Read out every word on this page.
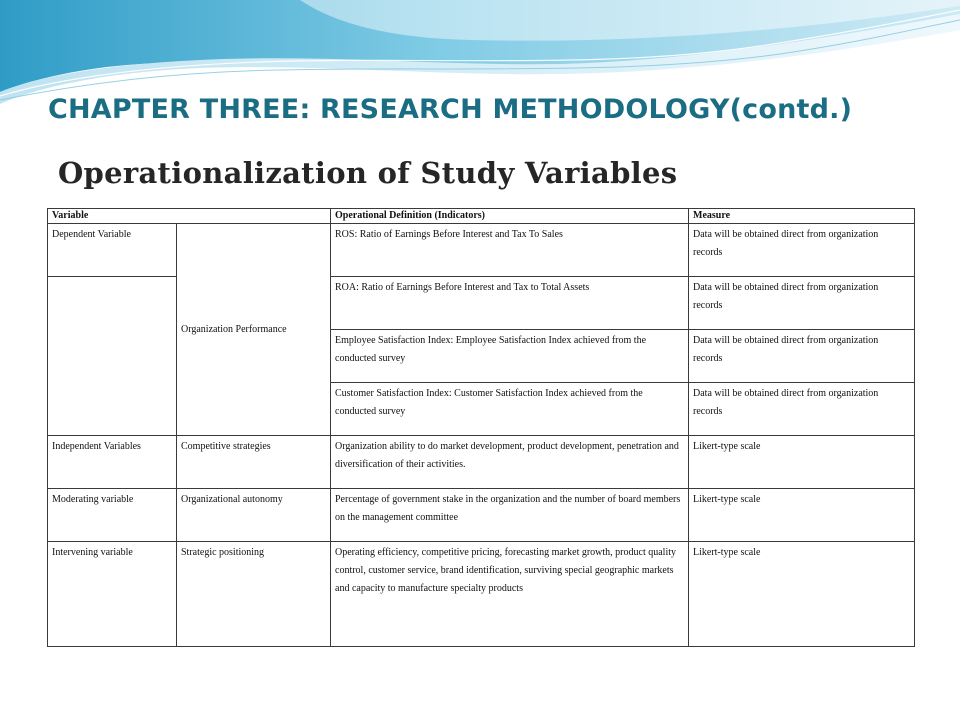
CHAPTER THREE: RESEARCH METHODOLOGY(contd.)
Operationalization of Study Variables
Variable		Operational Definition (Indicators)	Measure
Dependent Variable	Organization Performance	ROS: Ratio of Earnings Before Interest and Tax To Sales	Data will be obtained direct from organization records
		ROA: Ratio of Earnings Before Interest and Tax to Total Assets	Data will be obtained direct from organization records
		Employee Satisfaction Index: Employee Satisfaction Index achieved from the conducted survey	Data will be obtained direct from organization records
		Customer Satisfaction Index: Customer Satisfaction Index achieved from the conducted survey	Data will be obtained direct from organization records
Independent Variables	Competitive strategies	Organization ability to do market development, product development, penetration and diversification of their activities.	Likert-type scale
Moderating variable	Organizational autonomy	Percentage of government stake in the organization and the number of board members on the management committee	Likert-type scale
Intervening variable	Strategic positioning	Operating efficiency, competitive pricing, forecasting market growth, product quality control, customer service, brand identification, surviving special geographic markets and capacity to manufacture specialty products	Likert-type scale
